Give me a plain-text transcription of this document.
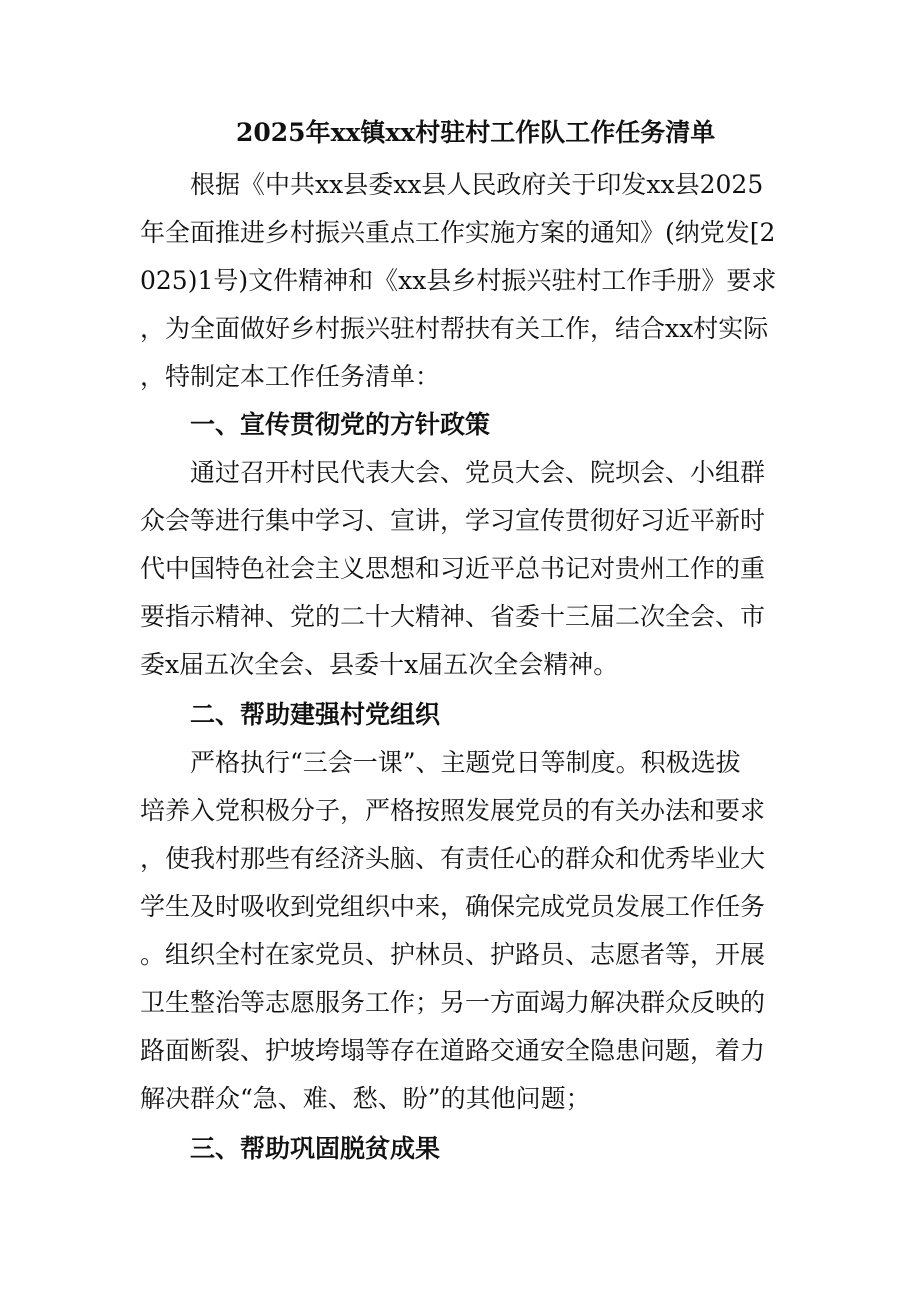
2025年xx镇xx村驻村工作队工作任务清单

根据《中共xx县委xx县人民政府关于印发xx县2025

年全面推进乡村振兴重点工作实施方案的通知》(纳党发[2

025)1号)文件精神和《xx县乡村振兴驻村工作手册》要求

，为全面做好乡村振兴驻村帮扶有关工作，结合xx村实际

，特制定本工作任务清单：

一、宣传贯彻党的方针政策

通过召开村民代表大会、党员大会、院坝会、小组群

众会等进行集中学习、宣讲，学习宣传贯彻好习近平新时

代中国特色社会主义思想和习近平总书记对贵州工作的重

要指示精神、党的二十大精神、省委十三届二次全会、市

委x届五次全会、县委十x届五次全会精神。

二、帮助建强村党组织

严格执行“三会一课”、主题党日等制度。积极选拔

培养入党积极分子，严格按照发展党员的有关办法和要求

，使我村那些有经济头脑、有责任心的群众和优秀毕业大

学生及时吸收到党组织中来，确保完成党员发展工作任务

。组织全村在家党员、护林员、护路员、志愿者等，开展

卫生整治等志愿服务工作；另一方面竭力解决群众反映的

路面断裂、护坡垮塌等存在道路交通安全隐患问题，着力

解决群众“急、难、愁、盼”的其他问题；

三、帮助巩固脱贫成果
